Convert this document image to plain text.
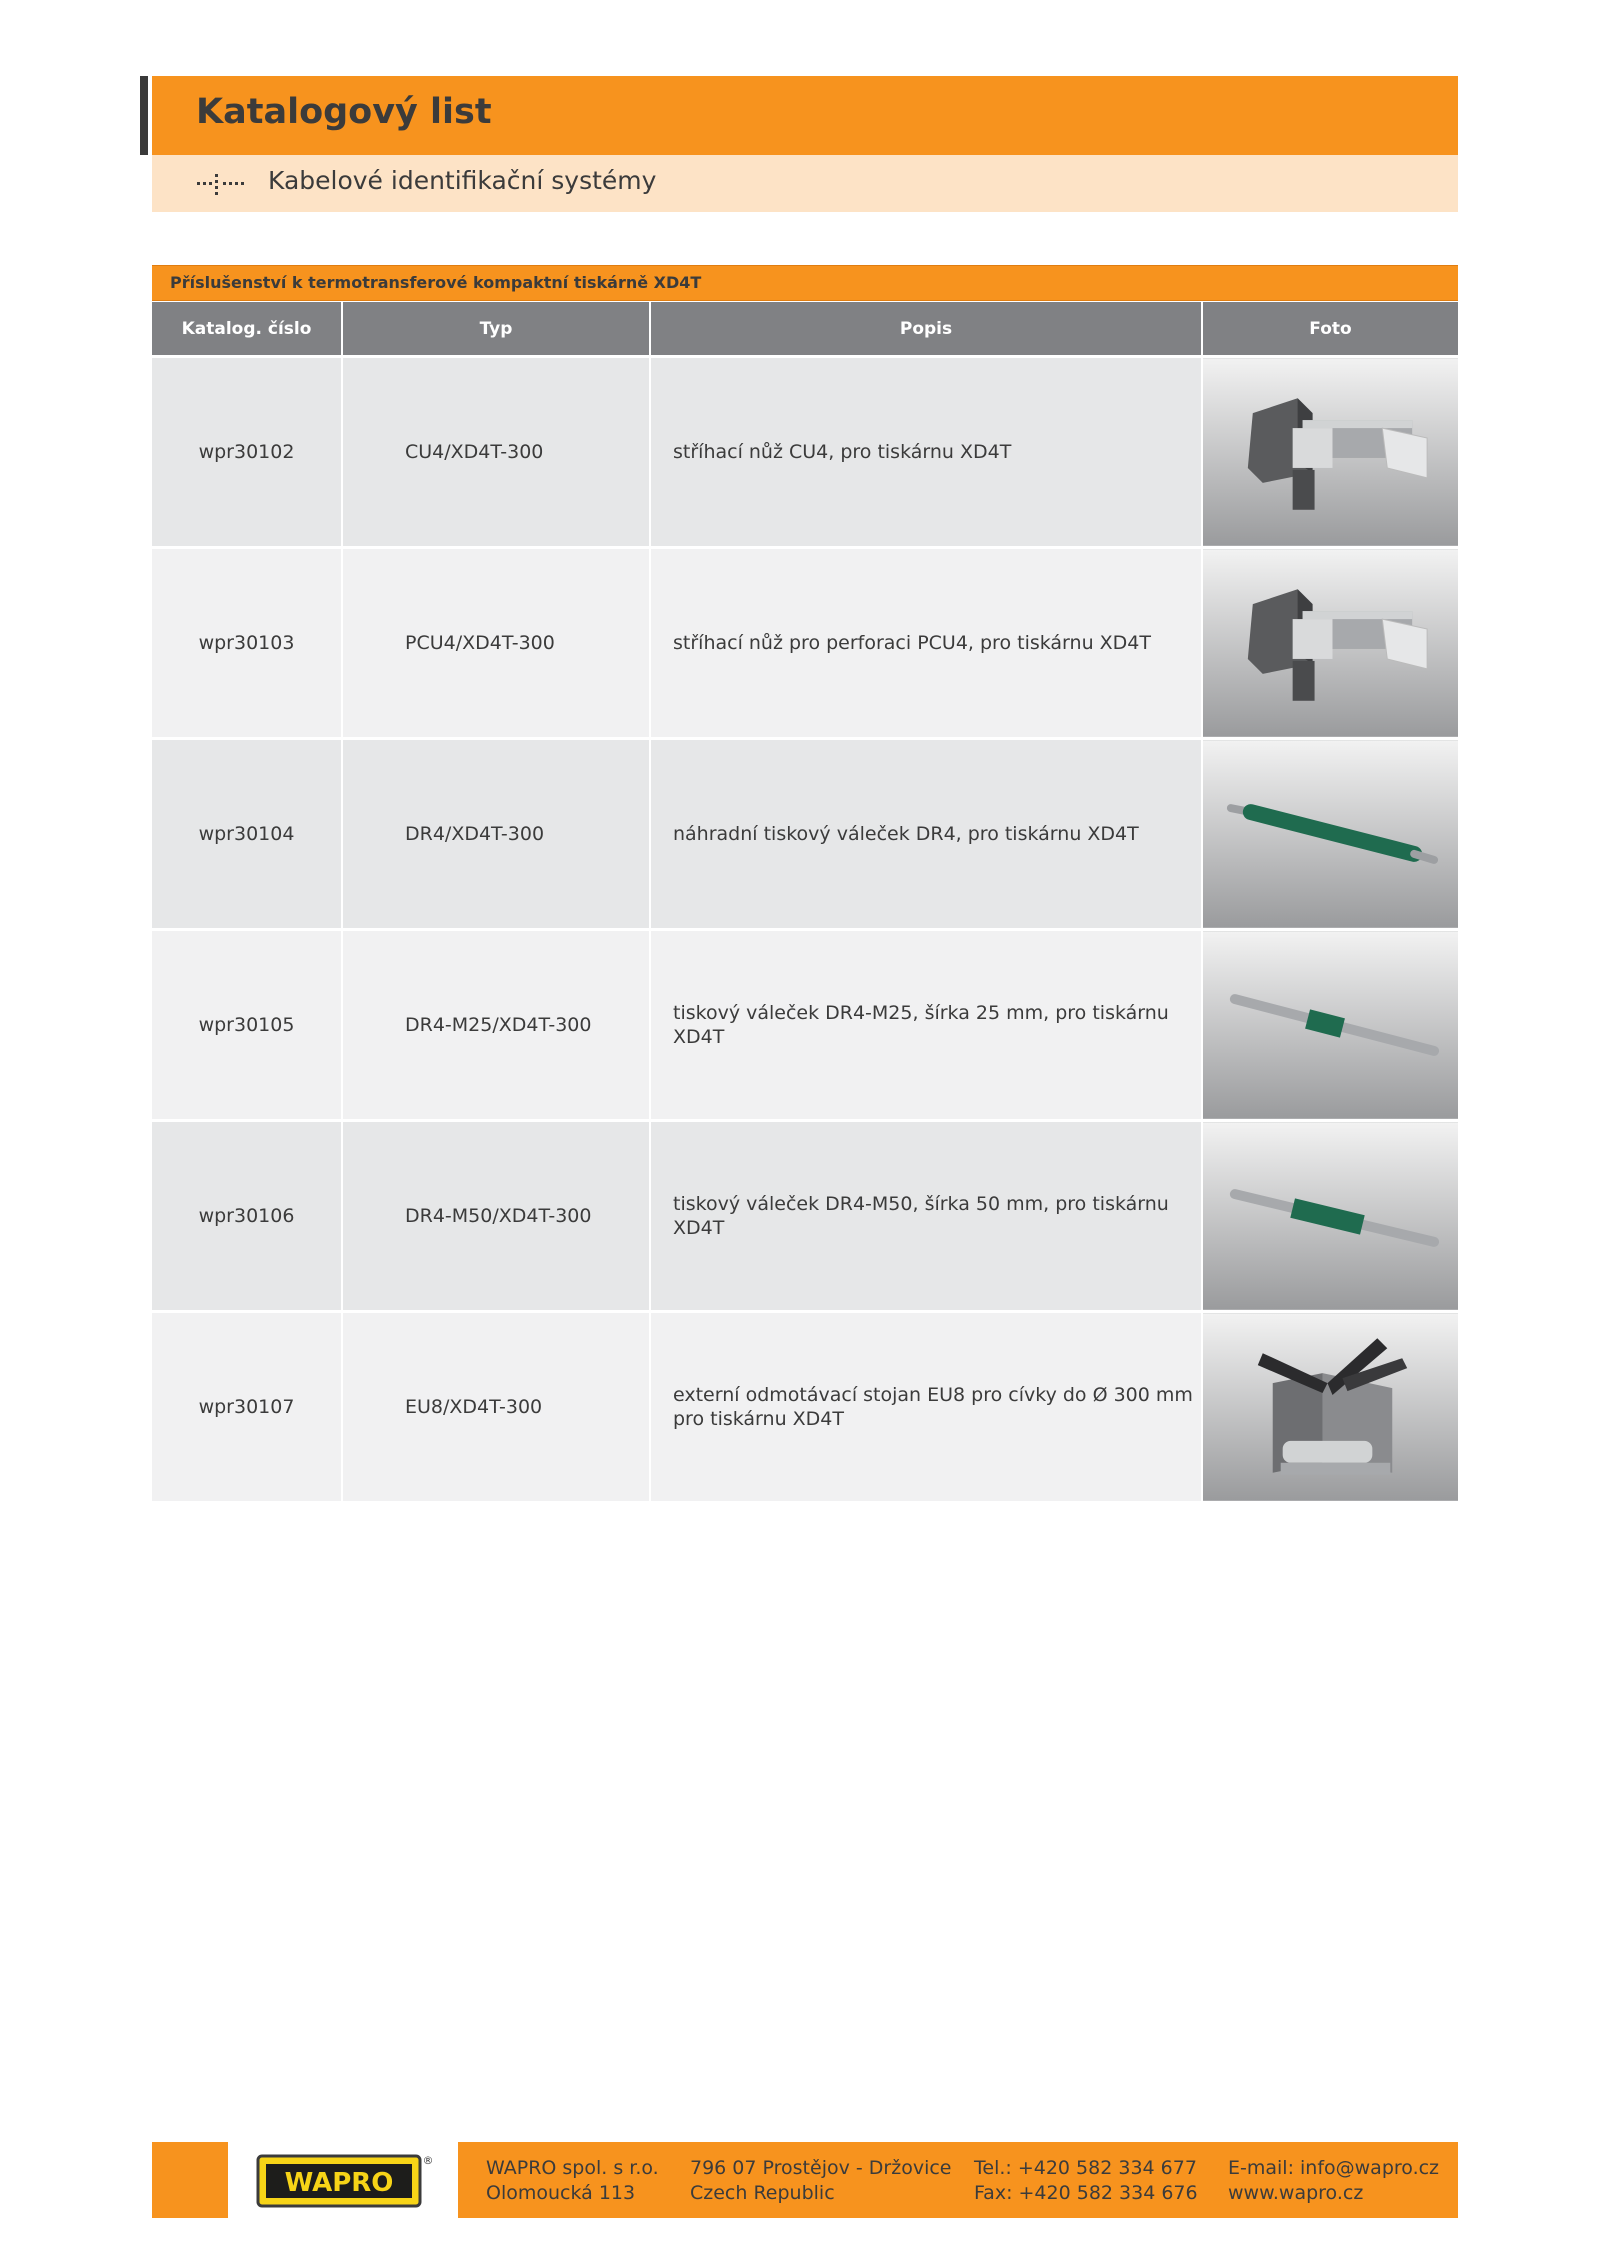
Katalogový list
Kabelové identifikační systémy
Příslušenství k termotransferové kompaktní tiskárně XD4T
Katalog. číslo	Typ	Popis	Foto
wpr30102	CU4/XD4T-300	stříhací nůž CU4, pro tiskárnu XD4T	

wpr30103	PCU4/XD4T-300	stříhací nůž pro perforaci PCU4, pro tiskárnu XD4T	

wpr30104	DR4/XD4T-300	náhradní tiskový váleček DR4, pro tiskárnu XD4T	

wpr30105	DR4-M25/XD4T-300	tiskový váleček DR4-M25, šírka 25 mm, pro tiskárnu XD4T	

wpr30106	DR4-M50/XD4T-300	tiskový váleček DR4-M50, šírka 50 mm, pro tiskárnu XD4T	

wpr30107	EU8/XD4T-300	externí odmotávací stojan EU8 pro cívky do Ø 300 mm
pro tiskárnu XD4T

WAPRO
®	WAPRO spol. s r.o.
Olomoucká 113
796 07 Prostějov - Držovice
Czech Republic
Tel.: +420 582 334 677
Fax: +420 582 334 676
E-mail: info@wapro.cz
www.wapro.cz
